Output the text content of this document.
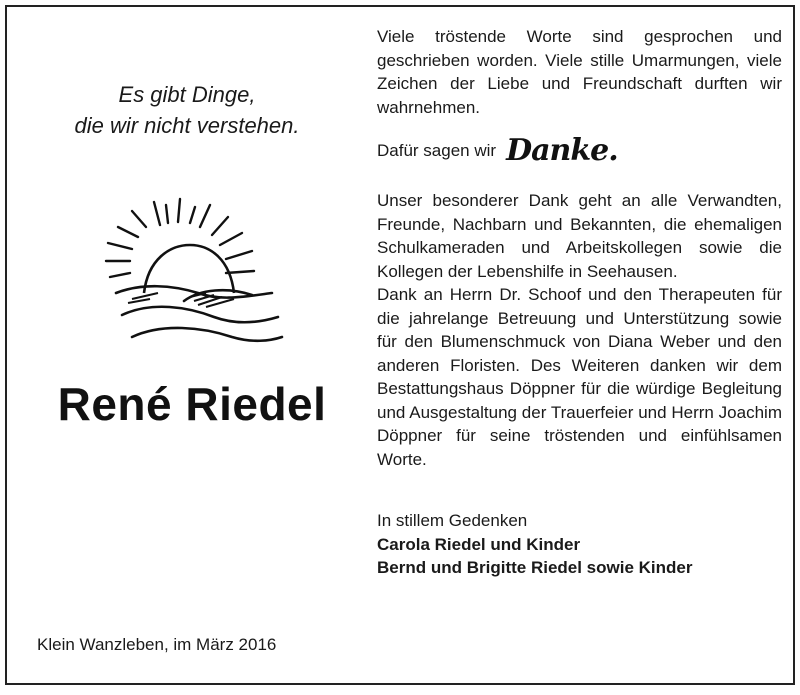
Es gibt Dinge,
die wir nicht verstehen.
René Riedel
Klein Wanzleben, im März 2016

Viele tröstende Worte sind gesprochen und geschrieben worden. Viele stille Umarmungen, viele Zeichen der Liebe und Freundschaft durften wir wahrnehmen.

Dafür sagen wir Danke.

Unser besonderer Dank geht an alle Verwandten, Freunde, Nachbarn und Bekannten, die ehemaligen Schulkameraden und Arbeitskollegen sowie die Kollegen der Lebenshilfe in Seehausen.

Dank an Herrn Dr. Schoof und den Therapeuten für die jahrelange Betreuung und Unterstützung sowie für den Blumenschmuck von Diana Weber und den anderen Floristen. Des Weiteren danken wir dem Bestattungshaus Döppner für die würdige Begleitung und Ausgestaltung der Trauerfeier und Herrn Joachim Döppner für seine tröstenden und einfühlsamen Worte.

In stillem Gedenken
Carola Riedel und Kinder
Bernd und Brigitte Riedel sowie Kinder
